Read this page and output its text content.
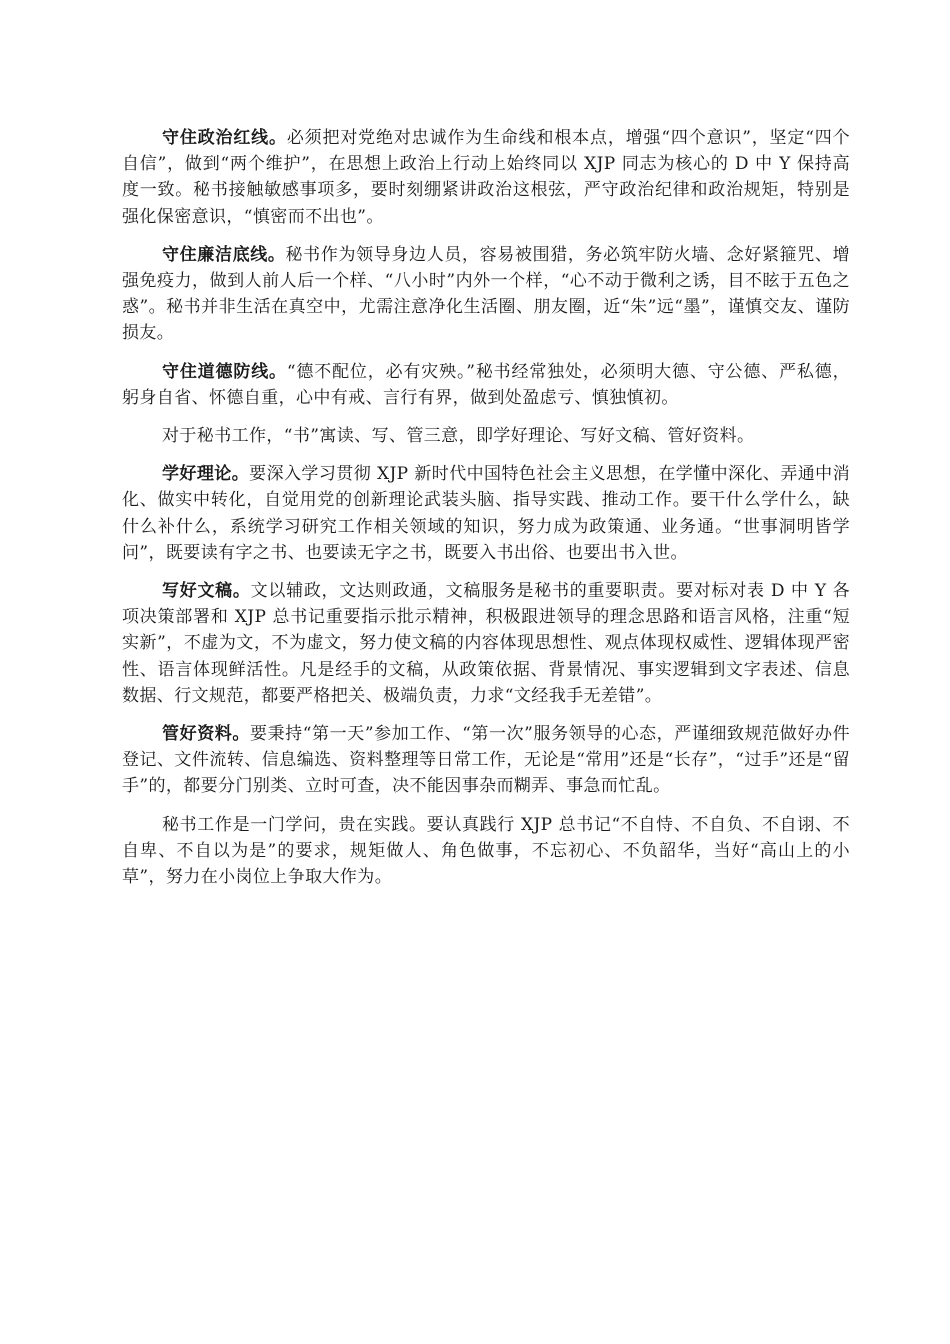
守住政治红线。必须把对党绝对忠诚作为生命线和根本点，增强“四个意识”，坚定“四个自信”，做到“两个维护”，在思想上政治上行动上始终同以 XJP 同志为核心的 D 中 Y 保持高度一致。秘书接触敏感事项多，要时刻绷紧讲政治这根弦，严守政治纪律和政治规矩，特别是强化保密意识，“慎密而不出也”。

守住廉洁底线。秘书作为领导身边人员，容易被围猎，务必筑牢防火墙、念好紧箍咒、增强免疫力，做到人前人后一个样、“八小时”内外一个样，“心不动于微利之诱，目不眩于五色之惑”。秘书并非生活在真空中，尤需注意净化生活圈、朋友圈，近“朱”远“墨”，谨慎交友、谨防损友。

守住道德防线。“德不配位，必有灾殃。”秘书经常独处，必须明大德、守公德、严私德，躬身自省、怀德自重，心中有戒、言行有界，做到处盈虑亏、慎独慎初。

对于秘书工作，“书”寓读、写、管三意，即学好理论、写好文稿、管好资料。

学好理论。要深入学习贯彻 XJP 新时代中国特色社会主义思想，在学懂中深化、弄通中消化、做实中转化，自觉用党的创新理论武装头脑、指导实践、推动工作。要干什么学什么，缺什么补什么，系统学习研究工作相关领域的知识，努力成为政策通、业务通。“世事洞明皆学问”，既要读有字之书、也要读无字之书，既要入书出俗、也要出书入世。

写好文稿。文以辅政，文达则政通，文稿服务是秘书的重要职责。要对标对表 D 中 Y 各项决策部署和 XJP 总书记重要指示批示精神，积极跟进领导的理念思路和语言风格，注重“短实新”，不虚为文，不为虚文，努力使文稿的内容体现思想性、观点体现权威性、逻辑体现严密性、语言体现鲜活性。凡是经手的文稿，从政策依据、背景情况、事实逻辑到文字表述、信息数据、行文规范，都要严格把关、极端负责，力求“文经我手无差错”。

管好资料。要秉持“第一天”参加工作、“第一次”服务领导的心态，严谨细致规范做好办件登记、文件流转、信息编选、资料整理等日常工作，无论是“常用”还是“长存”，“过手”还是“留手”的，都要分门别类、立时可查，决不能因事杂而糊弄、事急而忙乱。

秘书工作是一门学问，贵在实践。要认真践行 XJP 总书记“不自恃、不自负、不自诩、不自卑、不自以为是”的要求，规矩做人、角色做事，不忘初心、不负韶华，当好“高山上的小草”，努力在小岗位上争取大作为。
